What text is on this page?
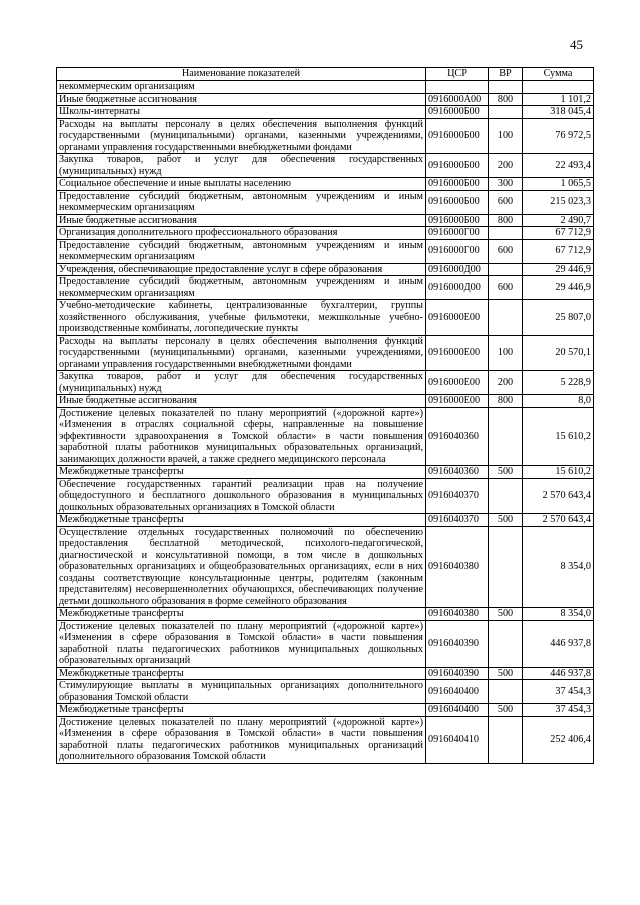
45
Наименование показателей	ЦСР	ВР	Сумма
некоммерческим организациям			
Иные бюджетные ассигнования	0916000А00	800	1 101,2
Школы-интернаты	0916000Б00		318 045,4
Расходы на выплаты персоналу в целях обеспечения выполнения функций государственными (муниципальными) органами, казенными учреждениями, органами управления государственными внебюджетными фондами	0916000Б00	100	76 972,5
Закупка товаров, работ и услуг для обеспечения государственных (муниципальных) нужд	0916000Б00	200	22 493,4
Социальное обеспечение и иные выплаты населению	0916000Б00	300	1 065,5
Предоставление субсидий бюджетным, автономным учреждениям и иным некоммерческим организациям	0916000Б00	600	215 023,3
Иные бюджетные ассигнования	0916000Б00	800	2 490,7
Организация дополнительного профессионального образования	0916000Г00		67 712,9
Предоставление субсидий бюджетным, автономным учреждениям и иным некоммерческим организациям	0916000Г00	600	67 712,9
Учреждения, обеспечивающие предоставление услуг в сфере образования	0916000Д00		29 446,9
Предоставление субсидий бюджетным, автономным учреждениям и иным некоммерческим организациям	0916000Д00	600	29 446,9
Учебно-методические кабинеты, централизованные бухгалтерии, группы хозяйственного обслуживания, учебные фильмотеки, межшкольные учебно-производственные комбинаты, логопедические пункты	0916000Е00		25 807,0
Расходы на выплаты персоналу в целях обеспечения выполнения функций государственными (муниципальными) органами, казенными учреждениями, органами управления государственными внебюджетными фондами	0916000Е00	100	20 570,1
Закупка товаров, работ и услуг для обеспечения государственных (муниципальных) нужд	0916000Е00	200	5 228,9
Иные бюджетные ассигнования	0916000Е00	800	8,0
Достижение целевых показателей по плану мероприятий («дорожной карте») «Изменения в отраслях социальной сферы, направленные на повышение эффективности здравоохранения в Томской области» в части повышения заработной платы работников муниципальных образовательных организаций, занимающих должности врачей, а также среднего медицинского персонала	0916040360		15 610,2
Межбюджетные трансферты	0916040360	500	15 610,2
Обеспечение государственных гарантий реализации прав на получение общедоступного и бесплатного дошкольного образования в муниципальных дошкольных образовательных организациях в Томской области	0916040370		2 570 643,4
Межбюджетные трансферты	0916040370	500	2 570 643,4
Осуществление отдельных государственных полномочий по обеспечению предоставления бесплатной методической, психолого-педагогической, диагностической и консультативной помощи, в том числе в дошкольных образовательных организациях и общеобразовательных организациях, если в них созданы соответствующие консультационные центры, родителям (законным представителям) несовершеннолетних обучающихся, обеспечивающих получение детьми дошкольного образования в форме семейного образования	0916040380		8 354,0
Межбюджетные трансферты	0916040380	500	8 354,0
Достижение целевых показателей по плану мероприятий («дорожной карте») «Изменения в сфере образования в Томской области» в части повышения заработной платы педагогических работников муниципальных дошкольных образовательных организаций	0916040390		446 937,8
Межбюджетные трансферты	0916040390	500	446 937,8
Стимулирующие выплаты в муниципальных организациях дополнительного образования Томской области	0916040400		37 454,3
Межбюджетные трансферты	0916040400	500	37 454,3
Достижение целевых показателей по плану мероприятий («дорожной карте») «Изменения в сфере образования в Томской области» в части повышения заработной платы педагогических работников муниципальных организаций дополнительного образования Томской области	0916040410		252 406,4
